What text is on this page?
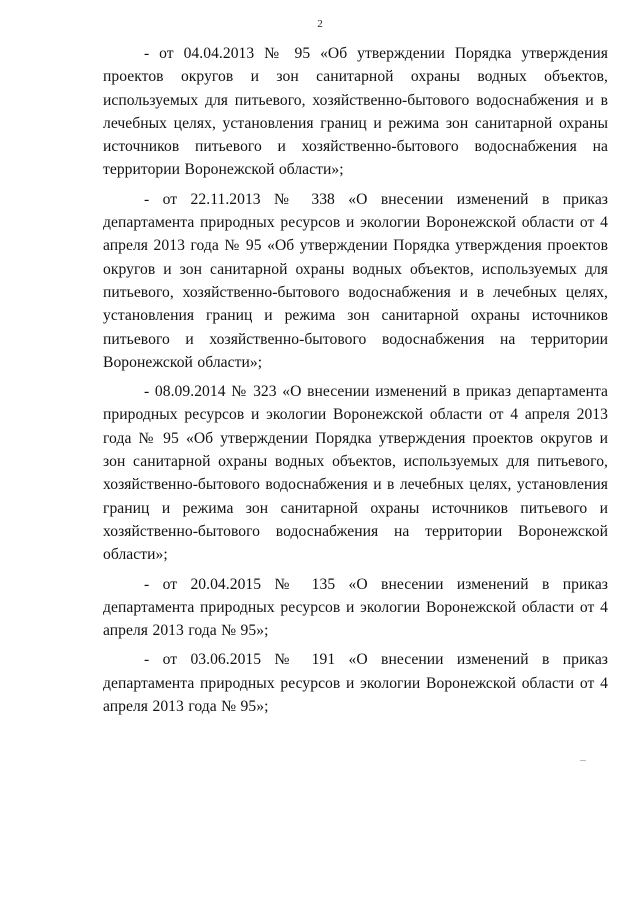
2

- от 04.04.2013 № 95 «Об утверждении Порядка утверждения проектов округов и зон санитарной охраны водных объектов, используемых для питьевого, хозяйственно-бытового водоснабжения и в лечебных целях, установления границ и режима зон санитарной охраны источников питьевого и хозяйственно-бытового водоснабжения на территории Воронежской области»;

- от 22.11.2013 № 338 «О внесении изменений в приказ департамента природных ресурсов и экологии Воронежской области от 4 апреля 2013 года № 95 «Об утверждении Порядка утверждения проектов округов и зон санитарной охраны водных объектов, используемых для питьевого, хозяйственно-бытового водоснабжения и в лечебных целях, установления границ и режима зон санитарной охраны источников питьевого и хозяйственно-бытового водоснабжения на территории Воронежской области»;

- 08.09.2014 № 323 «О внесении изменений в приказ департамента природных ресурсов и экологии Воронежской области от 4 апреля 2013 года № 95 «Об утверждении Порядка утверждения проектов округов и зон санитарной охраны водных объектов, используемых для питьевого, хозяйственно-бытового водоснабжения и в лечебных целях, установления границ и режима зон санитарной охраны источников питьевого и хозяйственно-бытового водоснабжения на территории Воронежской области»;

- от 20.04.2015 № 135 «О внесении изменений в приказ департамента природных ресурсов и экологии Воронежской области от 4 апреля 2013 года № 95»;

- от 03.06.2015 № 191 «О внесении изменений в приказ департамента природных ресурсов и экологии Воронежской области от 4 апреля 2013 года № 95»;
